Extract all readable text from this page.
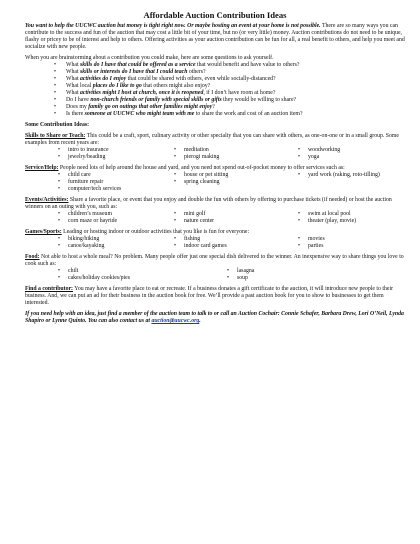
Affordable Auction Contribution Ideas

You want to help the UUCWC auction but money is tight right now. Or maybe hosting an event at your home is not possible. There are so many ways you can contribute to the success and fun of the auction that may cost a little bit of your time, but no (or very little) money. Auction contributions do not need to be unique, flashy or pricey to be of interest and help to others. Offering activities as your auction contribution can be fun for all, a real benefit to others, and help you meet and socialize with new people.

When you are brainstorming about a contribution you could make, here are some questions to ask yourself.

• What skills do I have that could be offered as a service that would benefit and have value to others?
• What skills or interests do I have that I could teach others?
• What activities do I enjoy that could be shared with others, even while socially-distanced?
• What local places do I like to go that others might also enjoy?
• What activities might I host at church, once it is reopened, if I don’t have room at home?
• Do I have non-church friends or family with special skills or gifts they would be willing to share?
• Does my family go on outings that other families might enjoy?
• Is there someone at UUCWC who might team with me to share the work and cost of an auction item?

Some Contribution Ideas:

Skills to Share or Teach: This could be a craft, sport, culinary activity or other specialty that you can share with others, as one-on-one or in a small group. Some examples from recent years are:

• intro to insurance	• meditation	• woodworking
• jewelry/beading	• pierogi making	• yoga

Service/Help: People need lots of help around the house and yard, and you need not spend out-of-pocket money to offer services such as:

• child care	• house or pet sitting	• yard work (raking, roto-tilling)
• furniture repair	• spring cleaning
• computer/tech services

Events/Activities: Share a favorite place, or event that you enjoy and double the fun with others by offering to purchase tickets (if needed) or host the auction winners on an outing with you, such as:

• children’s museum	• mini golf	• swim at local pool
• corn maze or hayride	• nature center	• theater (play, movie)

Games/Sports: Leading or hosting indoor or outdoor activities that you like is fun for everyone:

• biking/hiking	• fishing	• movies
• canoe/kayaking	• indoor card games	• parties

Food: Not able to host a whole meal? No problem. Many people offer just one special dish delivered to the winner. An inexpensive way to share things you love to cook such as:

• chili	• lasagna
• cakes/holiday cookies/pies	• soup

Find a contributor: You may have a favorite place to eat or recreate. If a business donates a gift certificate to the auction, it will introduce new people to their business. And, we can put an ad for their business in the auction book for free. We’ll provide a past auction book for you to show to businesses to get them interested.

If you need help with an idea, just find a member of the auction team to talk to or call an Auction Cochair: Connie Schafer, Barbara Drew, Lori O’Neil, Lynda Shapiro or Lynne Quinto. You can also contact us at auction@uucwc.org.
